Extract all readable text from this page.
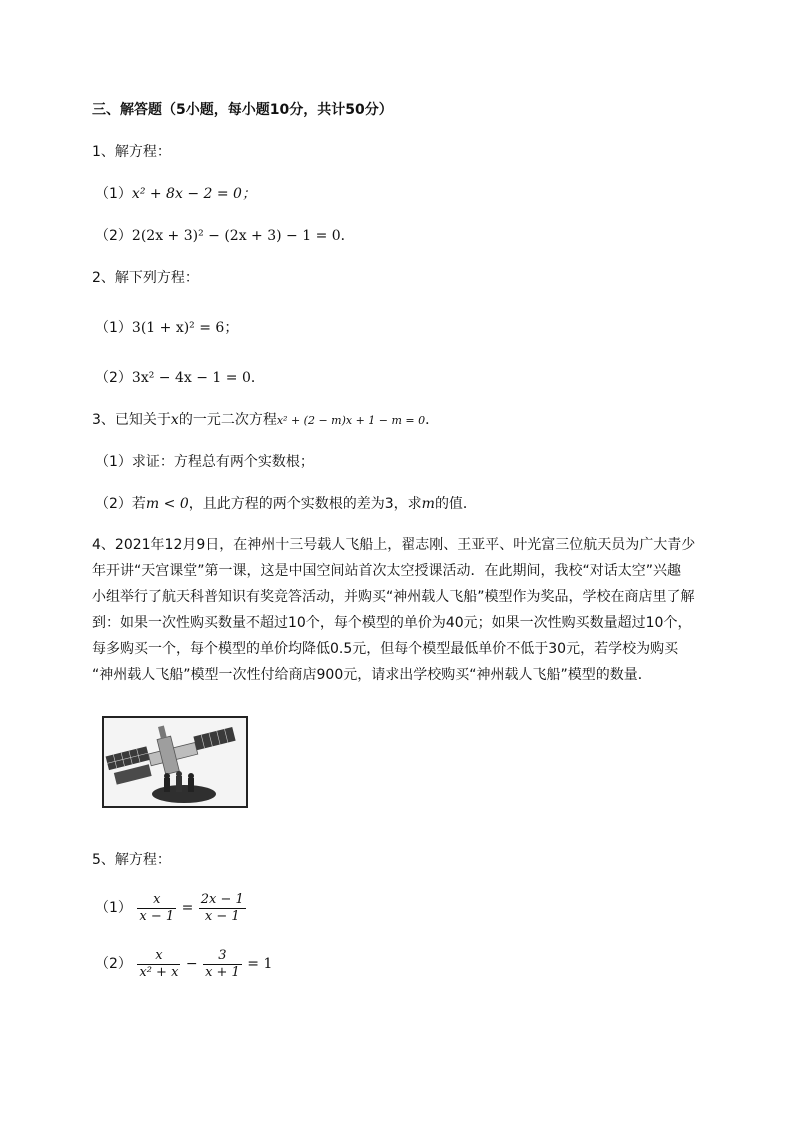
三、解答题（5小题，每小题10分，共计50分）
1、解方程：
（1）x² + 8x − 2 = 0；
（2）2(2x + 3)² − (2x + 3) − 1 = 0．
2、解下列方程：
（1）3(1 + x)² = 6；
（2）3x² − 4x − 1 = 0．
3、已知关于x的一元二次方程x² + (2 − m)x + 1 − m = 0．
（1）求证：方程总有两个实数根；
（2）若m < 0，且此方程的两个实数根的差为3，求m的值．
4、2021年12月9日，在神州十三号载人飞船上，翟志刚、王亚平、叶光富三位航天员为广大青少
年开讲“天宫课堂”第一课，这是中国空间站首次太空授课活动．在此期间，我校“对话太空”兴趣
小组举行了航天科普知识有奖竞答活动，并购买“神州载人飞船”模型作为奖品，学校在商店里了解
到：如果一次性购买数量不超过10个，每个模型的单价为40元；如果一次性购买数量超过10个，
每多购买一个，每个模型的单价均降低0.5元，但每个模型最低单价不低于30元，若学校为购买
“神州载人飞船”模型一次性付给商店900元，请求出学校购买“神州载人飞船”模型的数量．
5、解方程：
$(1) \frac{x}{x - 1} = \frac{2x - 1}{x - 1}$
$(2) \frac{x}{\text{x² + x}} - \frac{3}{x + 1} = 1$
